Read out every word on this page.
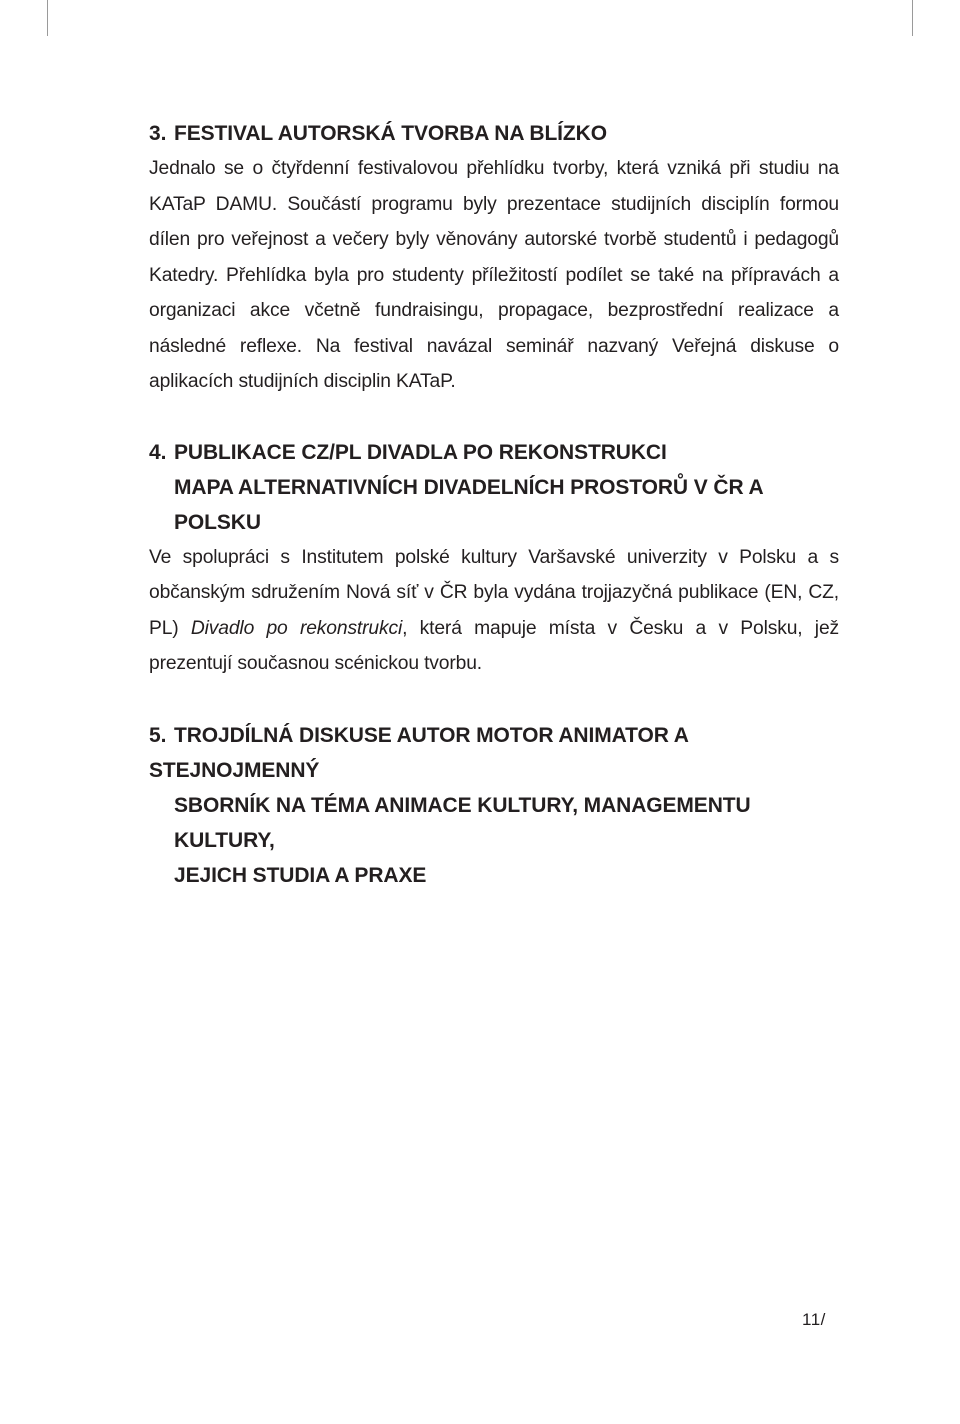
3. FESTIVAL AUTORSKÁ TVORBA NA BLÍZKO

Jednalo se o čtyřdenní festivalovou přehlídku tvorby, která vzniká při studiu na KATaP DAMU. Součástí programu byly prezentace studijních disciplín formou dílen pro veřejnost a večery byly věnovány autorské tvorbě studentů i pedagogů Katedry. Přehlídka byla pro studenty příležitostí podílet se také na přípravách a organizaci akce včetně fundraisingu, propagace, bezprostřední realizace a následné reflexe. Na festival navázal seminář nazvaný Veřejná diskuse o aplikacích studijních disciplin KATaP.

4. PUBLIKACE CZ/PL DIVADLA PO REKONSTRUKCI
MAPA ALTERNATIVNÍCH DIVADELNÍCH PROSTORŮ V ČR A POLSKU

Ve spolupráci s Institutem polské kultury Varšavské univerzity v Polsku a s občanským sdružením Nová síť v ČR byla vydána trojjazyčná publikace (EN, CZ, PL) Divadlo po rekonstrukci, která mapuje místa v Česku a v Polsku, jež prezentují současnou scénickou tvorbu.

5. TROJDÍLNÁ DISKUSE AUTOR MOTOR ANIMATOR A STEJNOJMENNÝ
SBORNÍK NA TÉMA ANIMACE KULTURY, MANAGEMENTU KULTURY,
JEJICH STUDIA A PRAXE
11/
